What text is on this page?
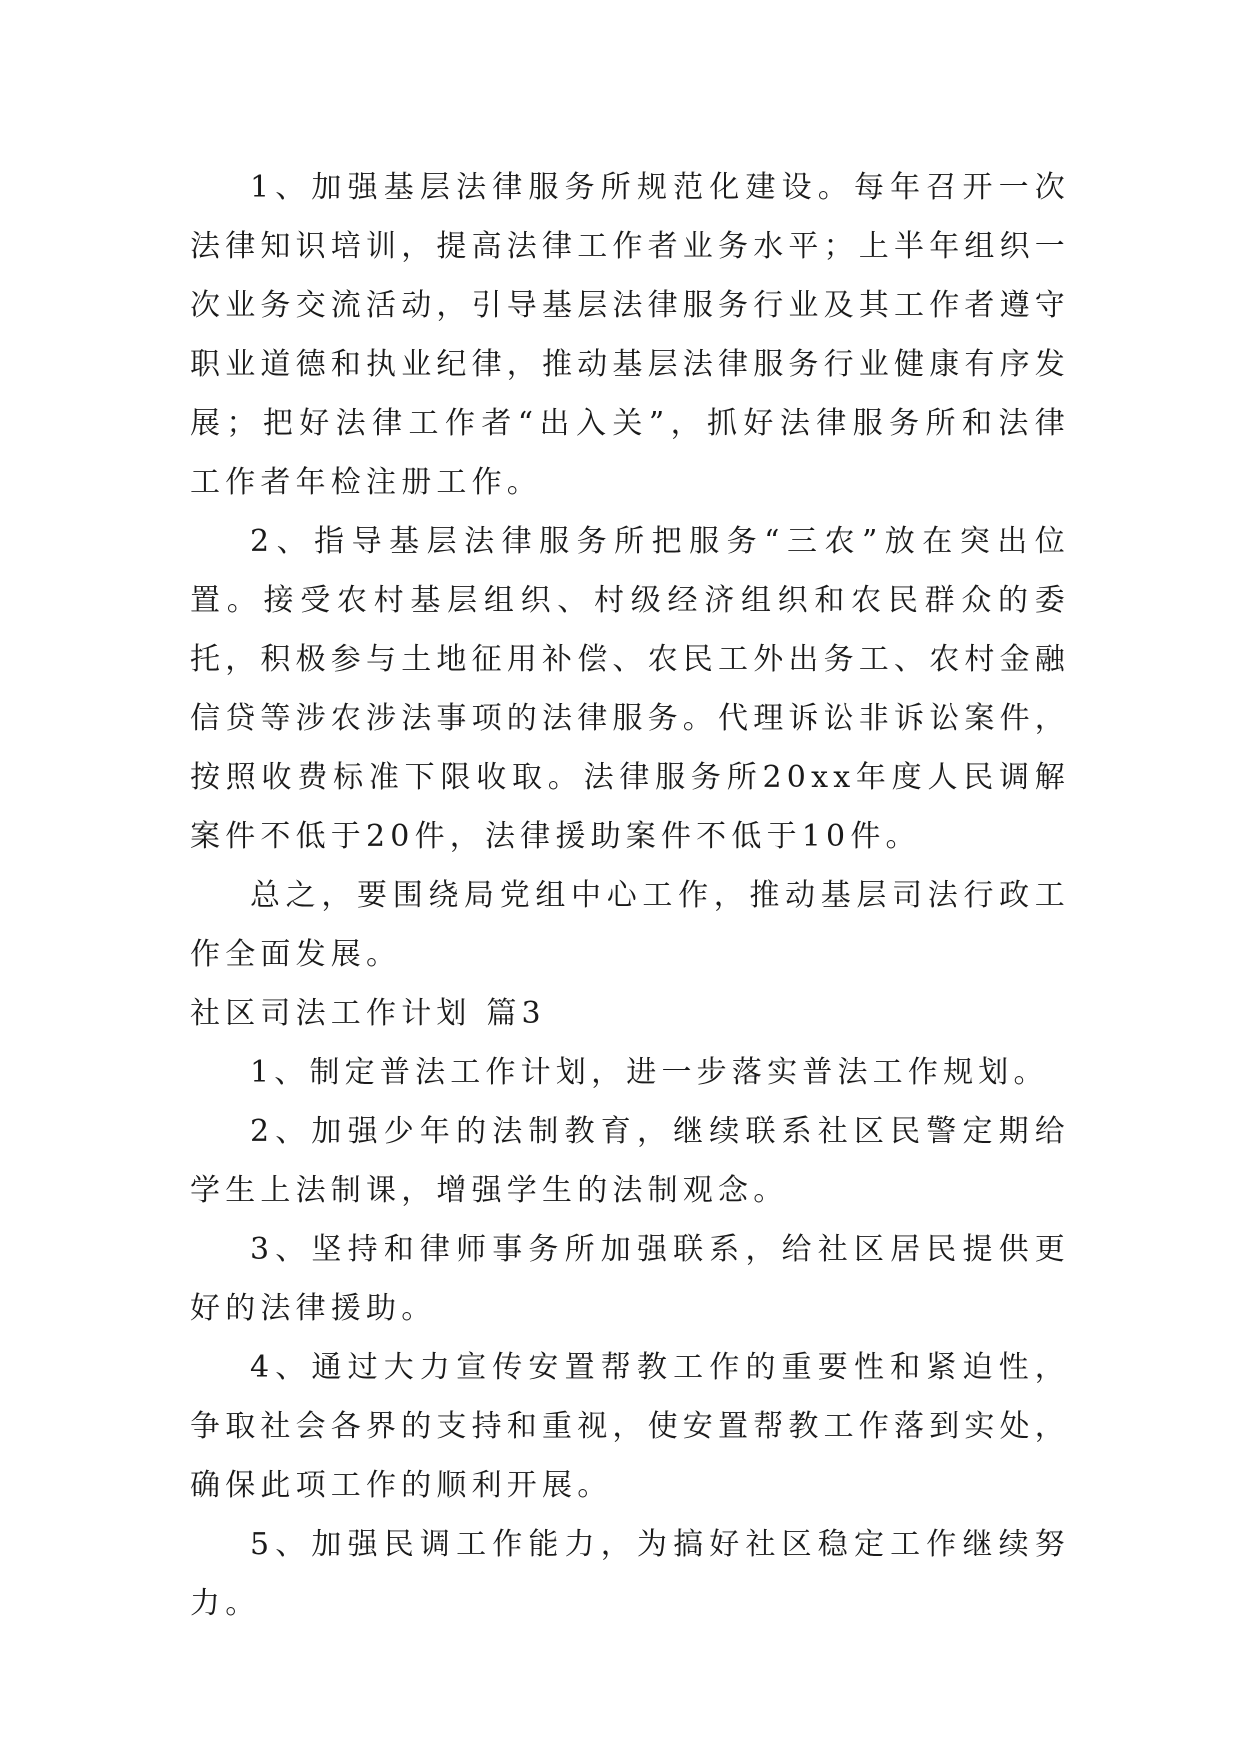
1、加强基层法律服务所规范化建设。每年召开一次法律知识培训，提高法律工作者业务水平；上半年组织一次业务交流活动，引导基层法律服务行业及其工作者遵守职业道德和执业纪律，推动基层法律服务行业健康有序发展；把好法律工作者“出入关”，抓好法律服务所和法律工作者年检注册工作。

2、指导基层法律服务所把服务“三农”放在突出位置。接受农村基层组织、村级经济组织和农民群众的委托，积极参与土地征用补偿、农民工外出务工、农村金融信贷等涉农涉法事项的法律服务。代理诉讼非诉讼案件，按照收费标准下限收取。法律服务所20xx年度人民调解案件不低于20件，法律援助案件不低于10件。

总之，要围绕局党组中心工作，推动基层司法行政工作全面发展。

社区司法工作计划 篇3

1、制定普法工作计划，进一步落实普法工作规划。

2、加强少年的法制教育，继续联系社区民警定期给学生上法制课，增强学生的法制观念。

3、坚持和律师事务所加强联系，给社区居民提供更好的法律援助。

4、通过大力宣传安置帮教工作的重要性和紧迫性，争取社会各界的支持和重视，使安置帮教工作落到实处，确保此项工作的顺利开展。

5、加强民调工作能力，为搞好社区稳定工作继续努力。
